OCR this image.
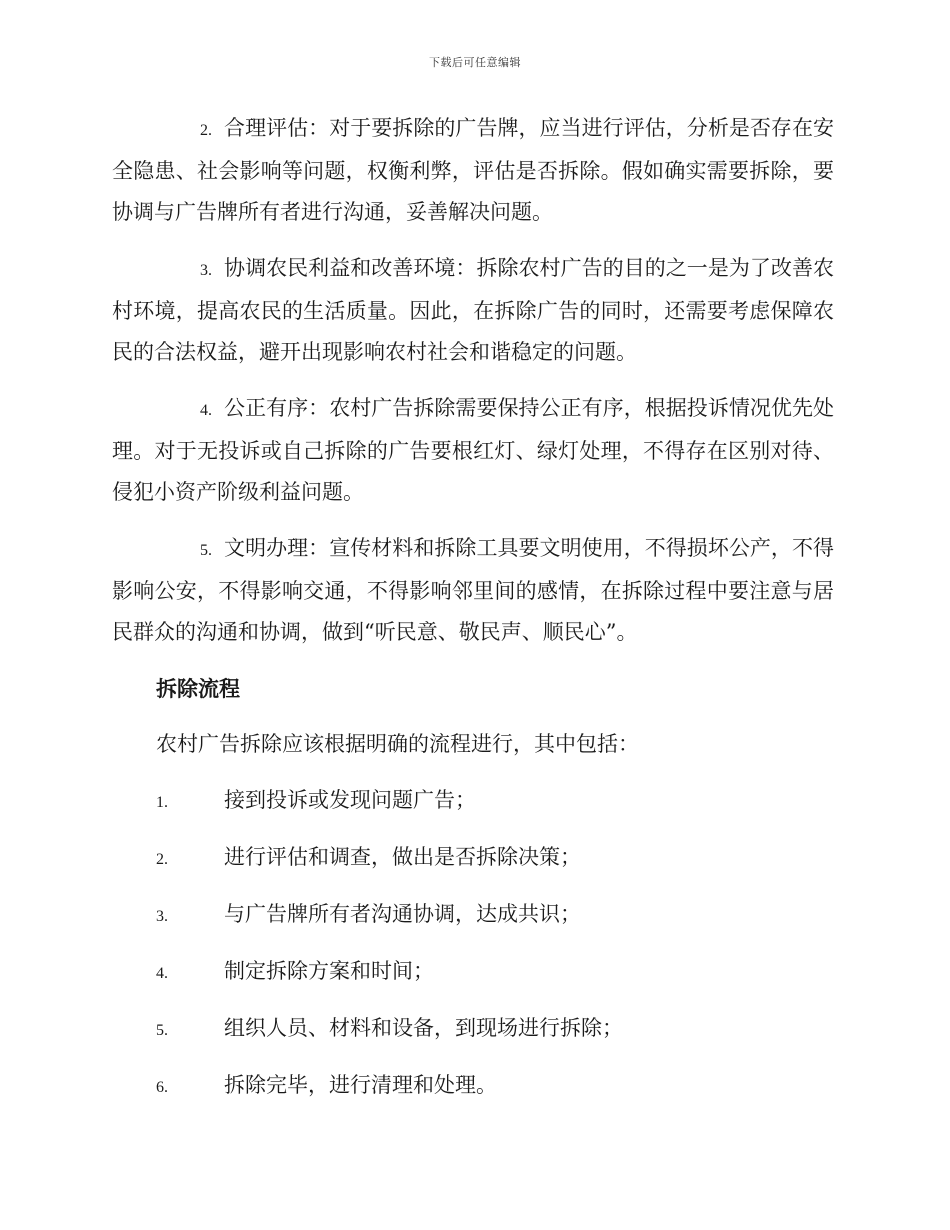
下载后可任意编辑

2. 合理评估：对于要拆除的广告牌，应当进行评估，分析是否存在安全隐患、社会影响等问题，权衡利弊，评估是否拆除。假如确实需要拆除，要协调与广告牌所有者进行沟通，妥善解决问题。

3. 协调农民利益和改善环境：拆除农村广告的目的之一是为了改善农村环境，提高农民的生活质量。因此，在拆除广告的同时，还需要考虑保障农民的合法权益，避开出现影响农村社会和谐稳定的问题。

4. 公正有序：农村广告拆除需要保持公正有序，根据投诉情况优先处理。对于无投诉或自己拆除的广告要根红灯、绿灯处理，不得存在区别对待、侵犯小资产阶级利益问题。

5. 文明办理：宣传材料和拆除工具要文明使用，不得损坏公产，不得影响公安，不得影响交通，不得影响邻里间的感情，在拆除过程中要注意与居民群众的沟通和协调，做到“听民意、敬民声、顺民心”。

拆除流程
农村广告拆除应该根据明确的流程进行，其中包括：
1.	接到投诉或发现问题广告；
2.	进行评估和调查，做出是否拆除决策；
3.	与广告牌所有者沟通协调，达成共识；
4.	制定拆除方案和时间；
5.	组织人员、材料和设备，到现场进行拆除；
6.	拆除完毕，进行清理和处理。
